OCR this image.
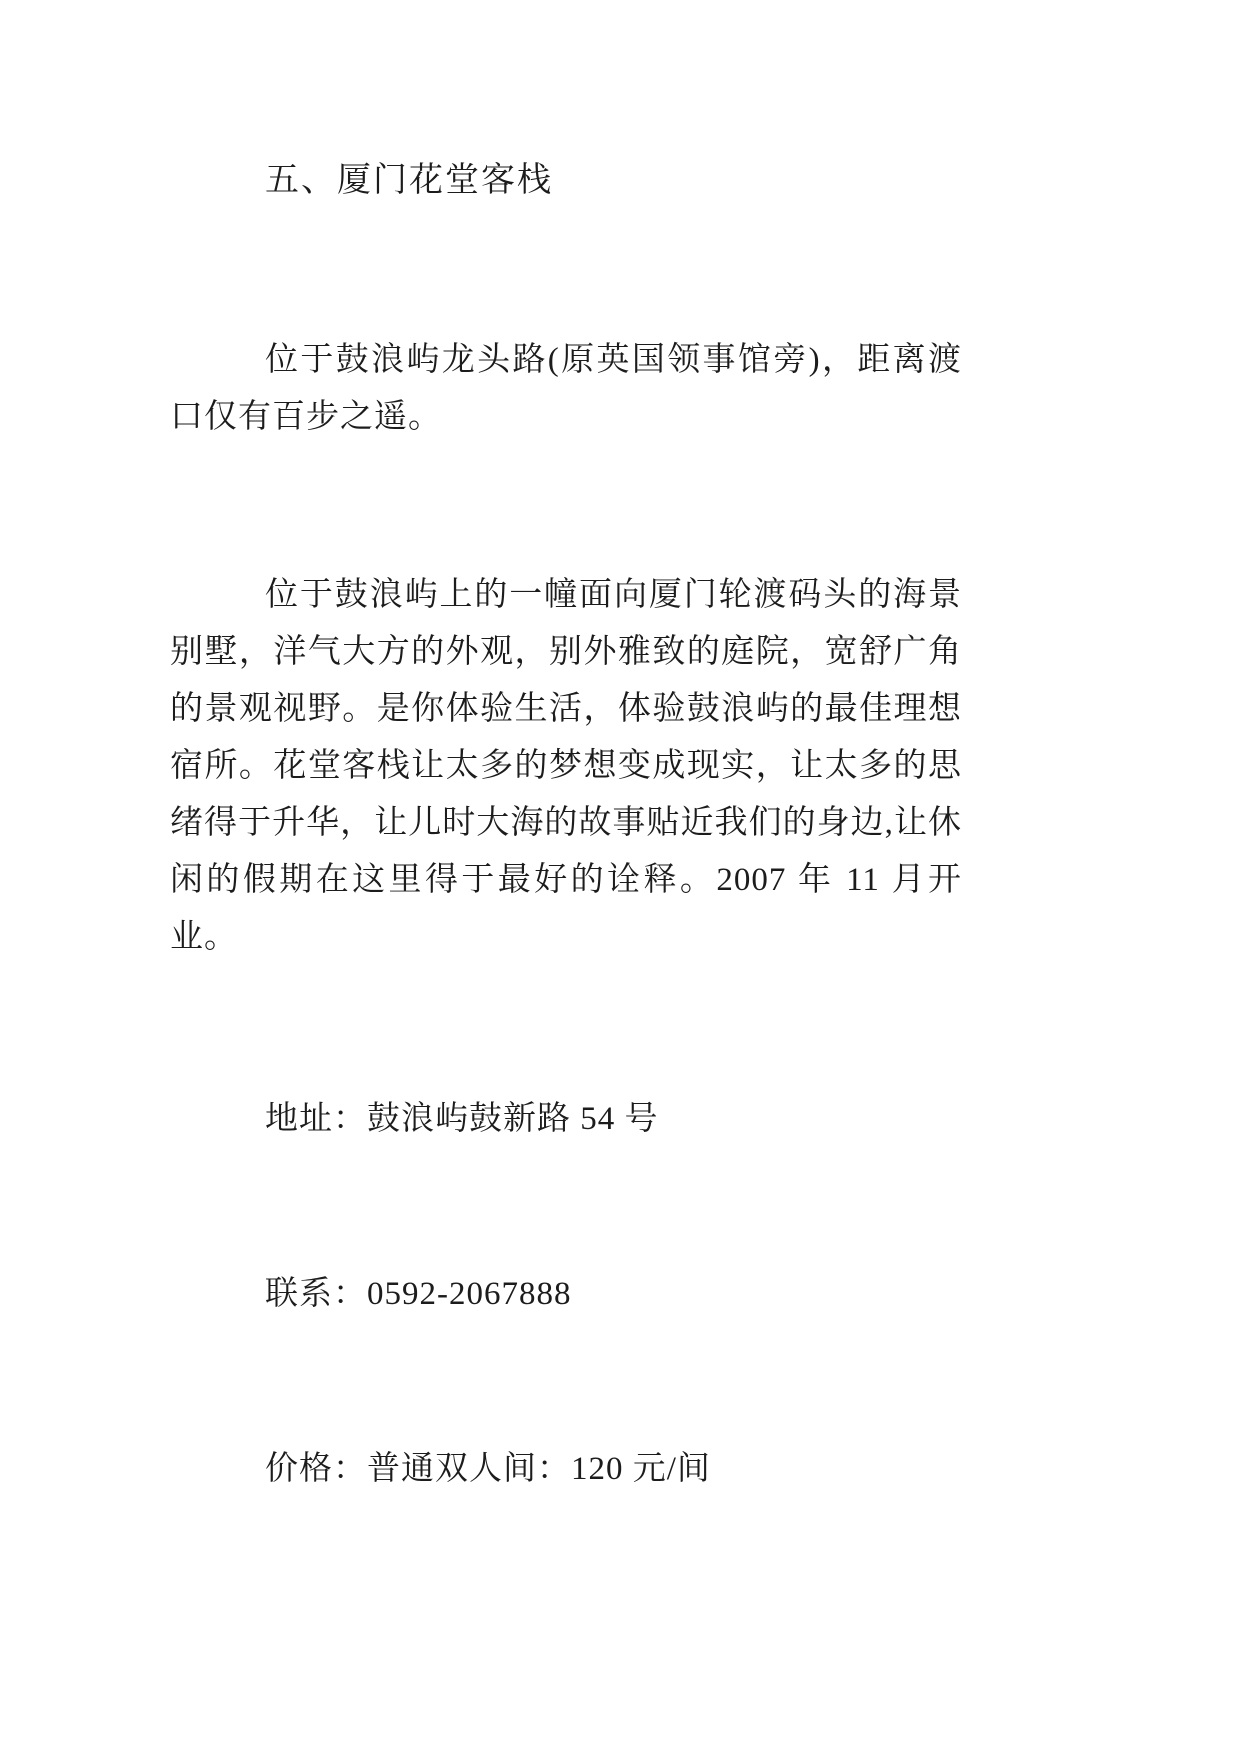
五、厦门花堂客栈
位于鼓浪屿龙头路(原英国领事馆旁)，距离渡口仅有百步之遥。
位于鼓浪屿上的一幢面向厦门轮渡码头的海景别墅，洋气大方的外观，别外雅致的庭院，宽舒广角的景观视野。是你体验生活，体验鼓浪屿的最佳理想宿所。花堂客栈让太多的梦想变成现实，让太多的思绪得于升华，让儿时大海的故事贴近我们的身边,让休闲的假期在这里得于最好的诠释。2007 年 11 月开业。
地址：鼓浪屿鼓新路 54 号
联系：0592-2067888
价格：普通双人间：120 元/间
